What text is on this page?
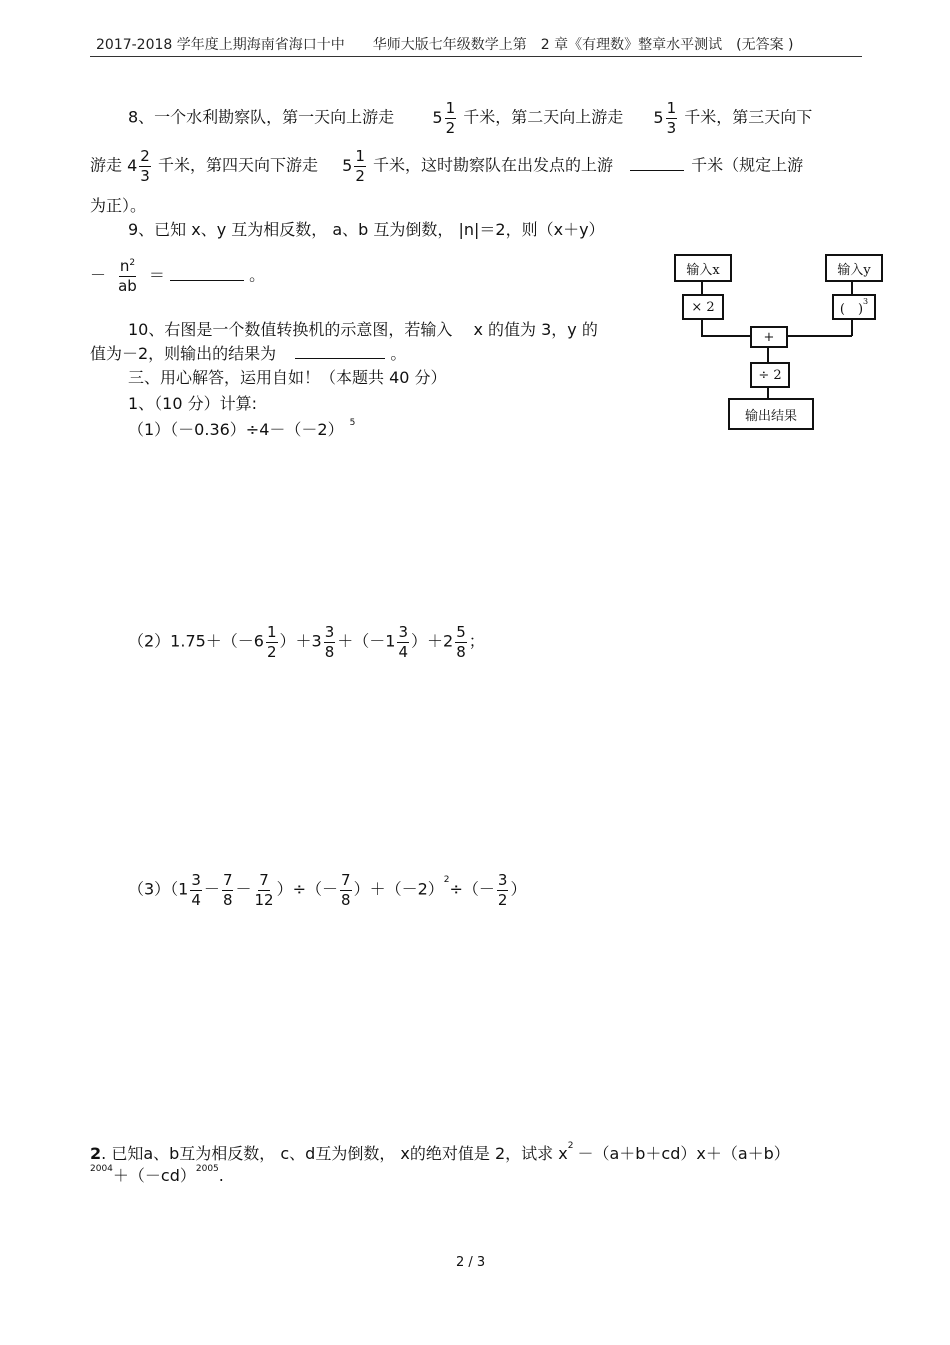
2017-2018 学年度上期海南省海口十中　　华师大版七年级数学上第　2 章《有理数》整章水平测试　(无答案 )
8、一个水利勘察队，第一天向上游走 $5 \frac{1}{2}$ 千米，第二天向上游走 $5 \frac{1}{3}$ 千米，第三天向下
游走 $4 \frac{2}{3}$ 千米，第四天向下游走 $5 \frac{1}{2}$ 千米，这时勘察队在出发点的上游	千米（规定上游
为正）。
9、已知 x、y 互为相反数， a、b 互为倒数， |n|＝2，则（x＋y）
－ $\frac{n^2}{ab}$ ＝	。
10、右图是一个数值转换机的示意图，若输入　 x 的值为 3，y 的
值为－2，则输出的结果为	。
三、用心解答，运用自如！（本题共 40 分）
1、（10 分）计算:
（1）（－0.36）÷4－（－2） $^5$
$(2)1.75+(-6 \frac{1}{2} )+3 \frac{3}{8} +(-1 \frac{3}{4} )+2 \frac{5}{8}$ ；
$(3)(1 \frac{3}{4} - \frac{7}{8} - \frac{7}{12}$ ）÷（－ $\frac{7}{8} )+(-2)^2\div(- \frac{3}{2}$ ）
2. 已知a、b互为相反数， c、d互为倒数， x的绝对值是 2，试求 $x^2 -(a+b+cd)x+(a+b)$
$^{2004}+(-cd)^{2005}$.
输入x	输入y
× 2	(　)
$^3$
+
÷ 2
输出结果
2 / 3
